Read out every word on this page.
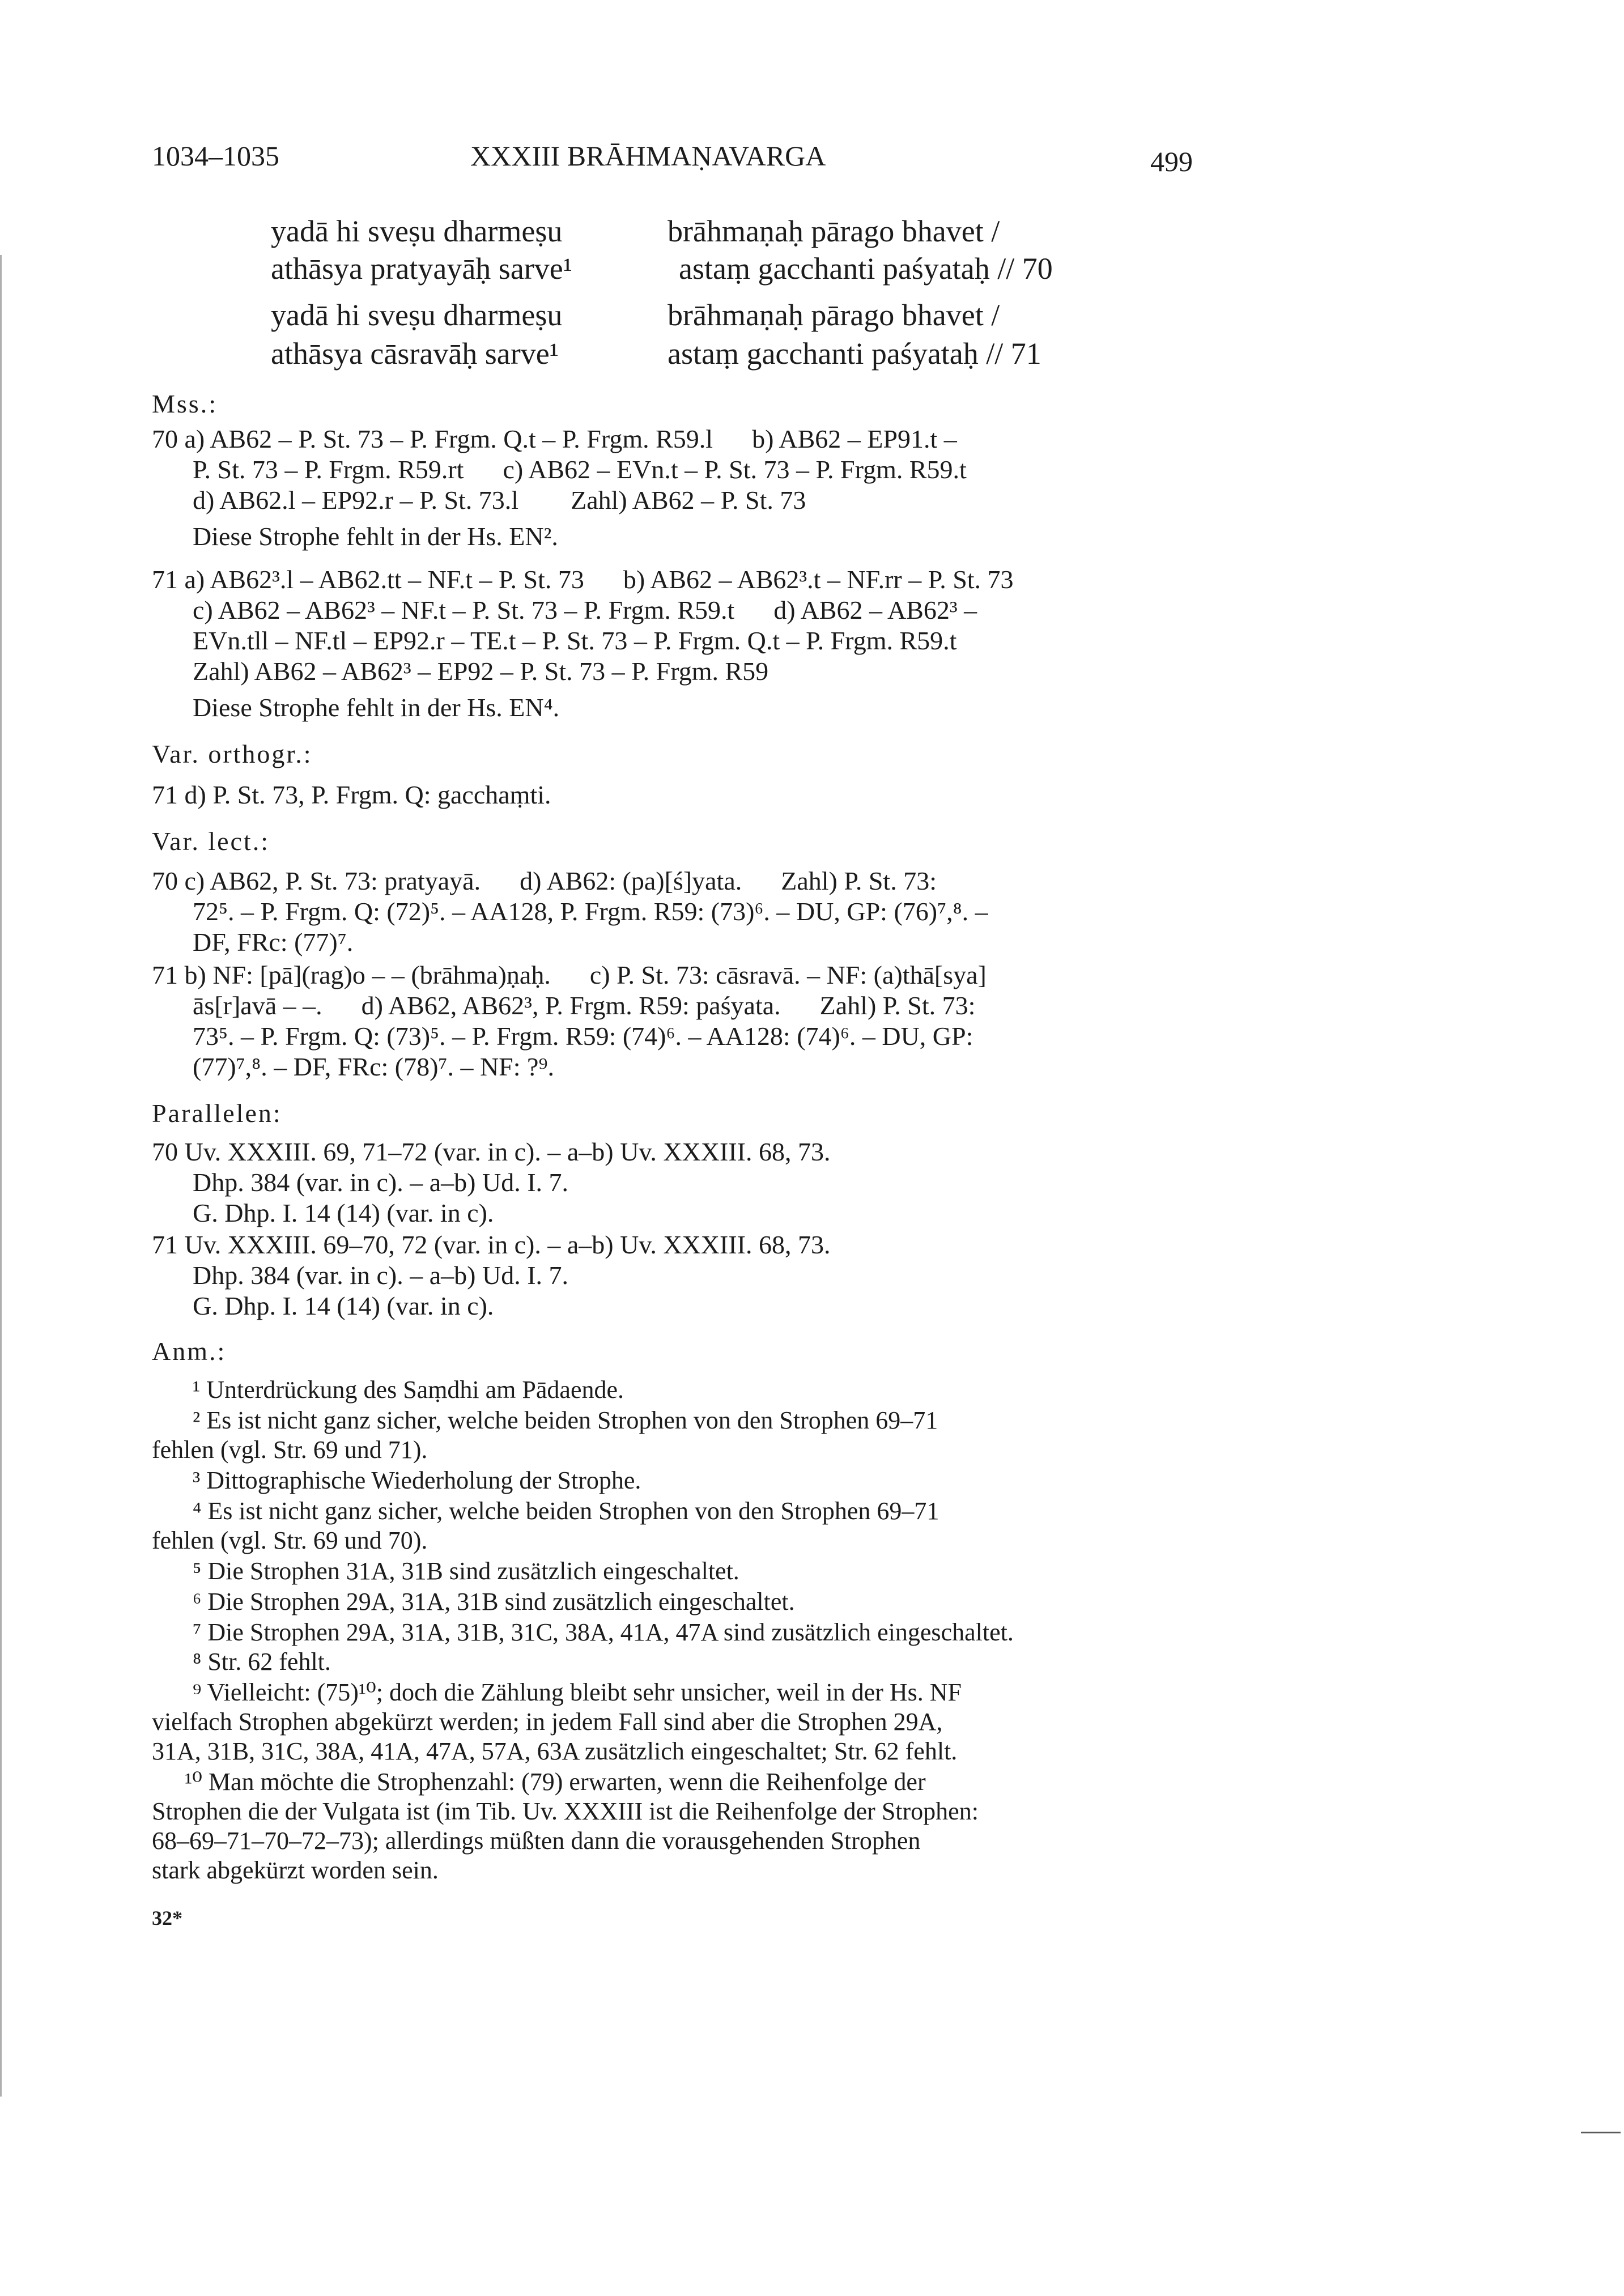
1034–1035	XXXIII BRĀHMAṆAVARGA	499
yadā hi sveṣu dharmeṣu	brāhmaṇaḥ pārago bhavet /
athāsya pratyayāḥ sarve¹	astaṃ gacchanti paśyataḥ // 70
yadā hi sveṣu dharmeṣu	brāhmaṇaḥ pārago bhavet /
athāsya cāsravāḥ sarve¹	astaṃ gacchanti paśyataḥ // 71
Mss.:
70 a) AB62 – P. St. 73 – P. Frgm. Q.t – P. Frgm. R59.l      b) AB62 – EP91.t –
P. St. 73 – P. Frgm. R59.rt      c) AB62 – EVn.t – P. St. 73 – P. Frgm. R59.t
d) AB62.l – EP92.r – P. St. 73.l        Zahl) AB62 – P. St. 73
Diese Strophe fehlt in der Hs. EN².
71 a) AB62³.l – AB62.tt – NF.t – P. St. 73      b) AB62 – AB62³.t – NF.rr – P. St. 73
c) AB62 – AB62³ – NF.t – P. St. 73 – P. Frgm. R59.t      d) AB62 – AB62³ –
EVn.tll – NF.tl – EP92.r – TE.t – P. St. 73 – P. Frgm. Q.t – P. Frgm. R59.t
Zahl) AB62 – AB62³ – EP92 – P. St. 73 – P. Frgm. R59
Diese Strophe fehlt in der Hs. EN⁴.
Var. orthogr.:
71 d) P. St. 73, P. Frgm. Q: gacchaṃti.
Var. lect.:
70 c) AB62, P. St. 73: pratyayā.      d) AB62: (pa)[ś]yata.      Zahl) P. St. 73:
72⁵. – P. Frgm. Q: (72)⁵. – AA128, P. Frgm. R59: (73)⁶. – DU, GP: (76)⁷,⁸. –
DF, FRc: (77)⁷.
71 b) NF: [pā](rag)o – – (brāhma)ṇaḥ.      c) P. St. 73: cāsravā. – NF: (a)thā[sya]
ās[r]avā – –.      d) AB62, AB62³, P. Frgm. R59: paśyata.      Zahl) P. St. 73:
73⁵. – P. Frgm. Q: (73)⁵. – P. Frgm. R59: (74)⁶. – AA128: (74)⁶. – DU, GP:
(77)⁷,⁸. – DF, FRc: (78)⁷. – NF: ?⁹.
Parallelen:
70 Uv. XXXIII. 69, 71–72 (var. in c). – a–b) Uv. XXXIII. 68, 73.
Dhp. 384 (var. in c). – a–b) Ud. I. 7.
G. Dhp. I. 14 (14) (var. in c).
71 Uv. XXXIII. 69–70, 72 (var. in c). – a–b) Uv. XXXIII. 68, 73.
Dhp. 384 (var. in c). – a–b) Ud. I. 7.
G. Dhp. I. 14 (14) (var. in c).
Anm.:
¹ Unterdrückung des Saṃdhi am Pādaende.
² Es ist nicht ganz sicher, welche beiden Strophen von den Strophen 69–71
fehlen (vgl. Str. 69 und 71).
³ Dittographische Wiederholung der Strophe.
⁴ Es ist nicht ganz sicher, welche beiden Strophen von den Strophen 69–71
fehlen (vgl. Str. 69 und 70).
⁵ Die Strophen 31A, 31B sind zusätzlich eingeschaltet.
⁶ Die Strophen 29A, 31A, 31B sind zusätzlich eingeschaltet.
⁷ Die Strophen 29A, 31A, 31B, 31C, 38A, 41A, 47A sind zusätzlich eingeschaltet.
⁸ Str. 62 fehlt.
⁹ Vielleicht: (75)¹⁰; doch die Zählung bleibt sehr unsicher, weil in der Hs. NF
vielfach Strophen abgekürzt werden; in jedem Fall sind aber die Strophen 29A,
31A, 31B, 31C, 38A, 41A, 47A, 57A, 63A zusätzlich eingeschaltet; Str. 62 fehlt.
¹⁰ Man möchte die Strophenzahl: (79) erwarten, wenn die Reihenfolge der
Strophen die der Vulgata ist (im Tib. Uv. XXXIII ist die Reihenfolge der Strophen:
68–69–71–70–72–73); allerdings müßten dann die vorausgehenden Strophen
stark abgekürzt worden sein.
32*
